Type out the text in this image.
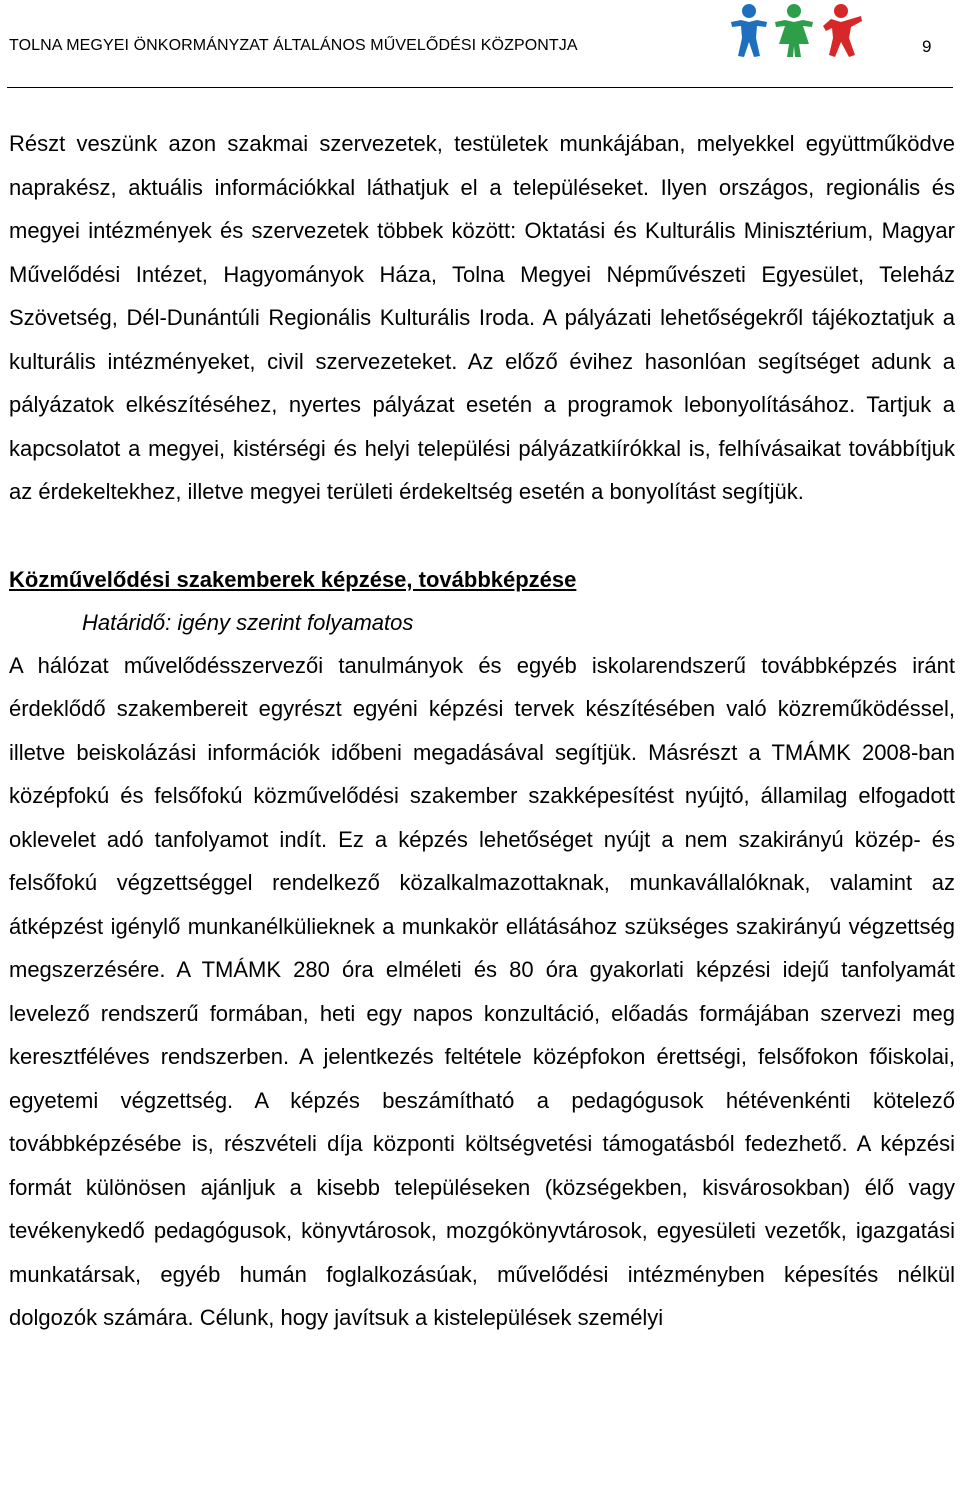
TOLNA MEGYEI ÖNKORMÁNYZAT ÁLTALÁNOS MŰVELŐDÉSI KÖZPONTJA	9

Részt veszünk azon szakmai szervezetek, testületek munkájában, melyekkel együttműködve naprakész, aktuális információkkal láthatjuk el a településeket. Ilyen országos, regionális és megyei intézmények és szervezetek többek között: Oktatási és Kulturális Minisztérium, Magyar Művelődési Intézet, Hagyományok Háza, Tolna Megyei Népművészeti Egyesület, Teleház Szövetség, Dél-Dunántúli Regionális Kulturális Iroda. A pályázati lehetőségekről tájékoztatjuk a kulturális intézményeket, civil szervezeteket. Az előző évihez hasonlóan segítséget adunk a pályázatok elkészítéséhez, nyertes pályázat esetén a programok lebonyolításához. Tartjuk a kapcsolatot a megyei, kistérségi és helyi települési pályázatkiírókkal is, felhívásaikat továbbítjuk az érdekeltekhez, illetve megyei területi érdekeltség esetén a bonyolítást segítjük.

Közművelődési szakemberek képzése, továbbképzése

Határidő: igény szerint folyamatos

A hálózat művelődésszervezői tanulmányok és egyéb iskolarendszerű továbbképzés iránt érdeklődő szakembereit egyrészt egyéni képzési tervek készítésében való közreműködéssel, illetve beiskolázási információk időbeni megadásával segítjük. Másrészt a TMÁMK 2008-ban középfokú és felsőfokú közművelődési szakember szakképesítést nyújtó, államilag elfogadott oklevelet adó tanfolyamot indít. Ez a képzés lehetőséget nyújt a nem szakirányú közép- és felsőfokú végzettséggel rendelkező közalkalmazottaknak, munkavállalóknak, valamint az átképzést igénylő munkanélkülieknek a munkakör ellátásához szükséges szakirányú végzettség megszerzésére. A TMÁMK 280 óra elméleti és 80 óra gyakorlati képzési idejű tanfolyamát levelező rendszerű formában, heti egy napos konzultáció, előadás formájában szervezi meg keresztféléves rendszerben. A jelentkezés feltétele középfokon érettségi, felsőfokon főiskolai, egyetemi végzettség. A képzés beszámítható a pedagógusok hétévenkénti kötelező továbbképzésébe is, részvételi díja központi költségvetési támogatásból fedezhető. A képzési formát különösen ajánljuk a kisebb településeken (községekben, kisvárosokban) élő vagy tevékenykedő pedagógusok, könyvtárosok, mozgókönyvtárosok, egyesületi vezetők, igazgatási munkatársak, egyéb humán foglalkozásúak, művelődési intézményben képesítés nélkül dolgozók számára. Célunk, hogy javítsuk a kistelepülések személyi
